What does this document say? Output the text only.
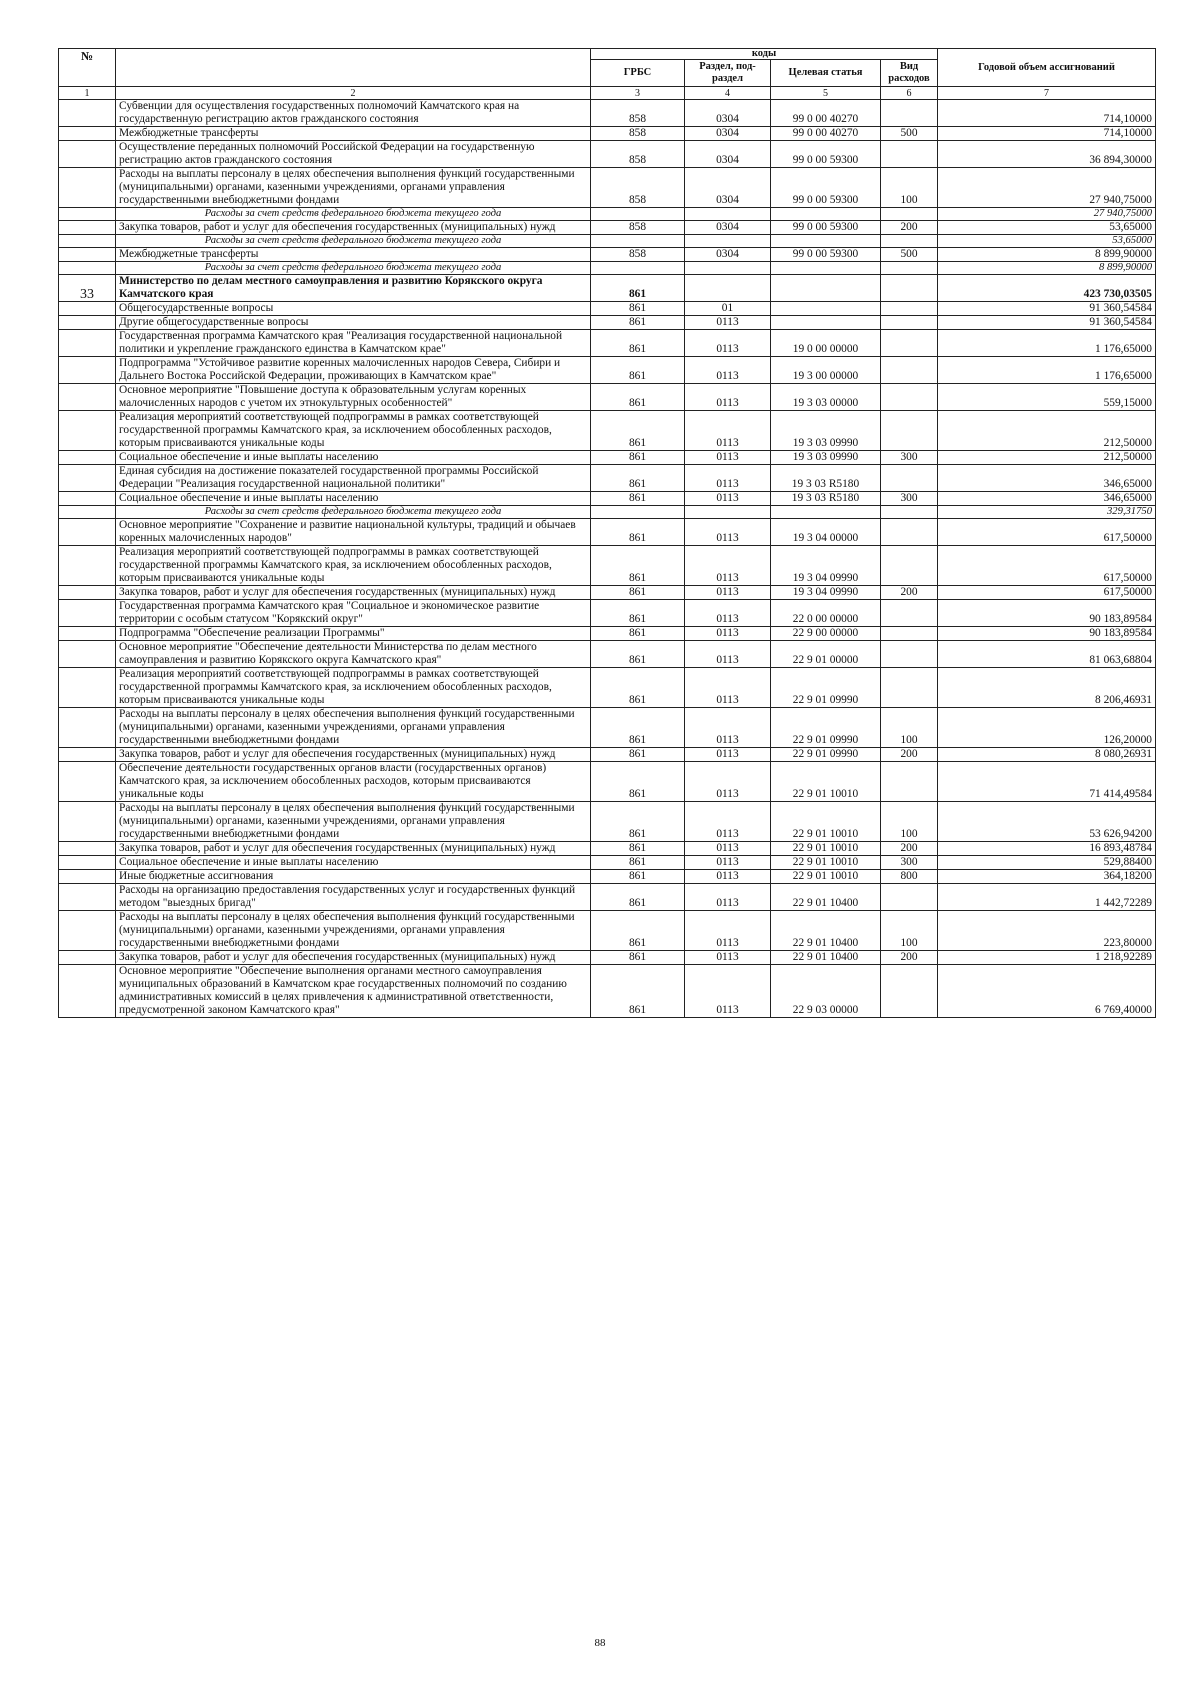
№		коды				Годовой объем ассигнований
		ГРБС	Раздел, под-раздел	Целевая статья	Вид расходов	
1	2	3	4	5	6	7
	Субвенции для осуществления государственных полномочий Камчатского края на государственную регистрацию актов гражданского состояния	858	0304	99 0 00 40270		714,10000
	Межбюджетные трансферты	858	0304	99 0 00 40270	500	714,10000
	Осуществление переданных полномочий Российской Федерации на государственную регистрацию актов гражданского состояния	858	0304	99 0 00 59300		36 894,30000
	Расходы на выплаты персоналу в целях обеспечения выполнения функций государственными (муниципальными) органами, казенными учреждениями, органами управления государственными внебюджетными фондами	858	0304	99 0 00 59300	100	27 940,75000
	Расходы за счет средств федерального бюджета текущего года					27 940,75000
	Закупка товаров, работ и услуг для обеспечения государственных (муниципальных) нужд	858	0304	99 0 00 59300	200	53,65000
	Расходы за счет средств федерального бюджета текущего года					53,65000
	Межбюджетные трансферты	858	0304	99 0 00 59300	500	8 899,90000
	Расходы за счет средств федерального бюджета текущего года					8 899,90000
33	Министерство по делам местного самоуправления и развитию Корякского округа Камчатского края	861				423 730,03505
	Общегосударственные вопросы	861	01			91 360,54584
	Другие общегосударственные вопросы	861	0113			91 360,54584
	Государственная программа Камчатского края "Реализация государственной национальной политики и укрепление гражданского единства в Камчатском крае"	861	0113	19 0 00 00000		1 176,65000
	Подпрограмма "Устойчивое развитие коренных малочисленных народов Севера, Сибири и Дальнего Востока Российской Федерации, проживающих в Камчатском крае"	861	0113	19 3 00 00000		1 176,65000
	Основное мероприятие "Повышение доступа к образовательным услугам коренных малочисленных народов с учетом их этнокультурных особенностей"	861	0113	19 3 03 00000		559,15000
	Реализация мероприятий соответствующей подпрограммы в рамках соответствующей государственной программы Камчатского края, за исключением обособленных расходов, которым присваиваются уникальные коды	861	0113	19 3 03 09990		212,50000
	Социальное обеспечение и иные выплаты населению	861	0113	19 3 03 09990	300	212,50000
	Единая субсидия на достижение показателей государственной программы Российской Федерации "Реализация государственной национальной политики"	861	0113	19 3 03 R5180		346,65000
	Социальное обеспечение и иные выплаты населению	861	0113	19 3 03 R5180	300	346,65000
	Расходы за счет средств федерального бюджета текущего года					329,31750
	Основное мероприятие "Сохранение и развитие национальной культуры, традиций и обычаев коренных малочисленных народов"	861	0113	19 3 04 00000		617,50000
	Реализация мероприятий соответствующей подпрограммы в рамках соответствующей государственной программы Камчатского края, за исключением обособленных расходов, которым присваиваются уникальные коды	861	0113	19 3 04 09990		617,50000
	Закупка товаров, работ и услуг для обеспечения государственных (муниципальных) нужд	861	0113	19 3 04 09990	200	617,50000
	Государственная программа Камчатского края "Социальное и экономическое развитие территории с особым статусом "Корякский округ"	861	0113	22 0 00 00000		90 183,89584
	Подпрограмма "Обеспечение реализации Программы"	861	0113	22 9 00 00000		90 183,89584
	Основное мероприятие "Обеспечение деятельности Министерства по делам местного самоуправления и развитию Корякского округа Камчатского края"	861	0113	22 9 01 00000		81 063,68804
	Реализация мероприятий соответствующей подпрограммы в рамках соответствующей государственной программы Камчатского края, за исключением обособленных расходов, которым присваиваются уникальные коды	861	0113	22 9 01 09990		8 206,46931
	Расходы на выплаты персоналу в целях обеспечения выполнения функций государственными (муниципальными) органами, казенными учреждениями, органами управления государственными внебюджетными фондами	861	0113	22 9 01 09990	100	126,20000
	Закупка товаров, работ и услуг для обеспечения государственных (муниципальных) нужд	861	0113	22 9 01 09990	200	8 080,26931
	Обеспечение деятельности государственных органов власти (государственных органов) Камчатского края, за исключением обособленных расходов, которым присваиваются уникальные коды	861	0113	22 9 01 10010		71 414,49584
	Расходы на выплаты персоналу в целях обеспечения выполнения функций государственными (муниципальными) органами, казенными учреждениями, органами управления государственными внебюджетными фондами	861	0113	22 9 01 10010	100	53 626,94200
	Закупка товаров, работ и услуг для обеспечения государственных (муниципальных) нужд	861	0113	22 9 01 10010	200	16 893,48784
	Социальное обеспечение и иные выплаты населению	861	0113	22 9 01 10010	300	529,88400
	Иные бюджетные ассигнования	861	0113	22 9 01 10010	800	364,18200
	Расходы на организацию предоставления государственных услуг и государственных функций методом "выездных бригад"	861	0113	22 9 01 10400		1 442,72289
	Расходы на выплаты персоналу в целях обеспечения выполнения функций государственными (муниципальными) органами, казенными учреждениями, органами управления государственными внебюджетными фондами	861	0113	22 9 01 10400	100	223,80000
	Закупка товаров, работ и услуг для обеспечения государственных (муниципальных) нужд	861	0113	22 9 01 10400	200	1 218,92289
	Основное мероприятие "Обеспечение выполнения органами местного самоуправления муниципальных образований в Камчатском крае государственных полномочий по созданию административных комиссий в целях привлечения к административной ответственности, предусмотренной законом Камчатского края"	861	0113	22 9 03 00000		6 769,40000
88
